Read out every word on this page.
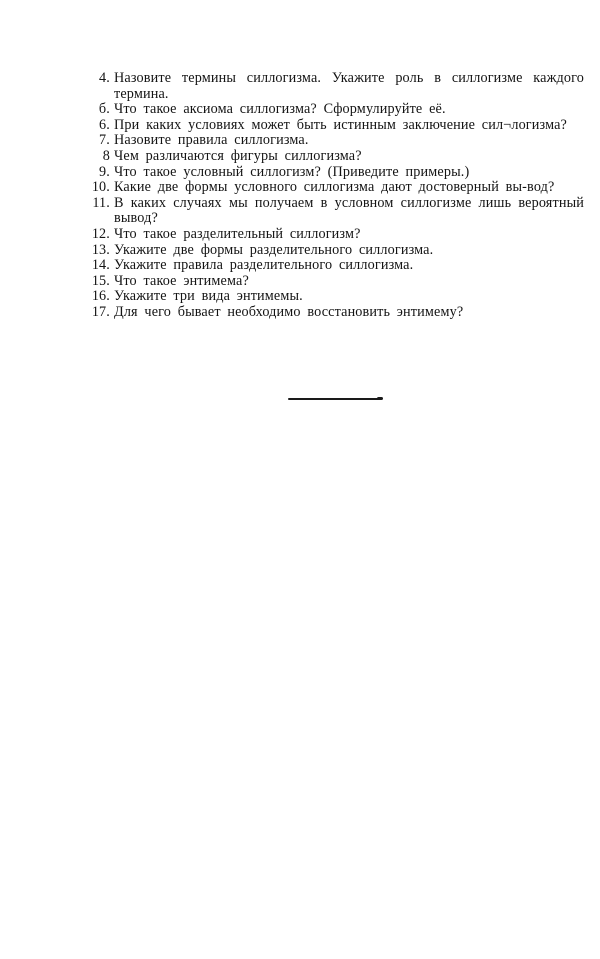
4. Назовите термины силлогизма. Укажите роль в силлогизме каждого термина.
б. Что такое аксиома силлогизма? Сформулируйте её.
6. При каких условиях может быть истинным заключение сил¬логизма?
7. Назовите правила силлогизма.
8 Чем различаются фигуры силлогизма?
9. Что такое условный силлогизм? (Приведите примеры.)
10. Какие две формы условного силлогизма дают достоверный вы-вод?
11. В каких случаях мы получаем в условном силлогизме лишь вероятный вывод?
12. Что такое разделительный силлогизм?
13. Укажите две формы разделительного силлогизма.
14. Укажите правила разделительного силлогизма.
15. Что такое энтимема?
16. Укажите три вида энтимемы.
17. Для чего бывает необходимо восстановить энтимему?
